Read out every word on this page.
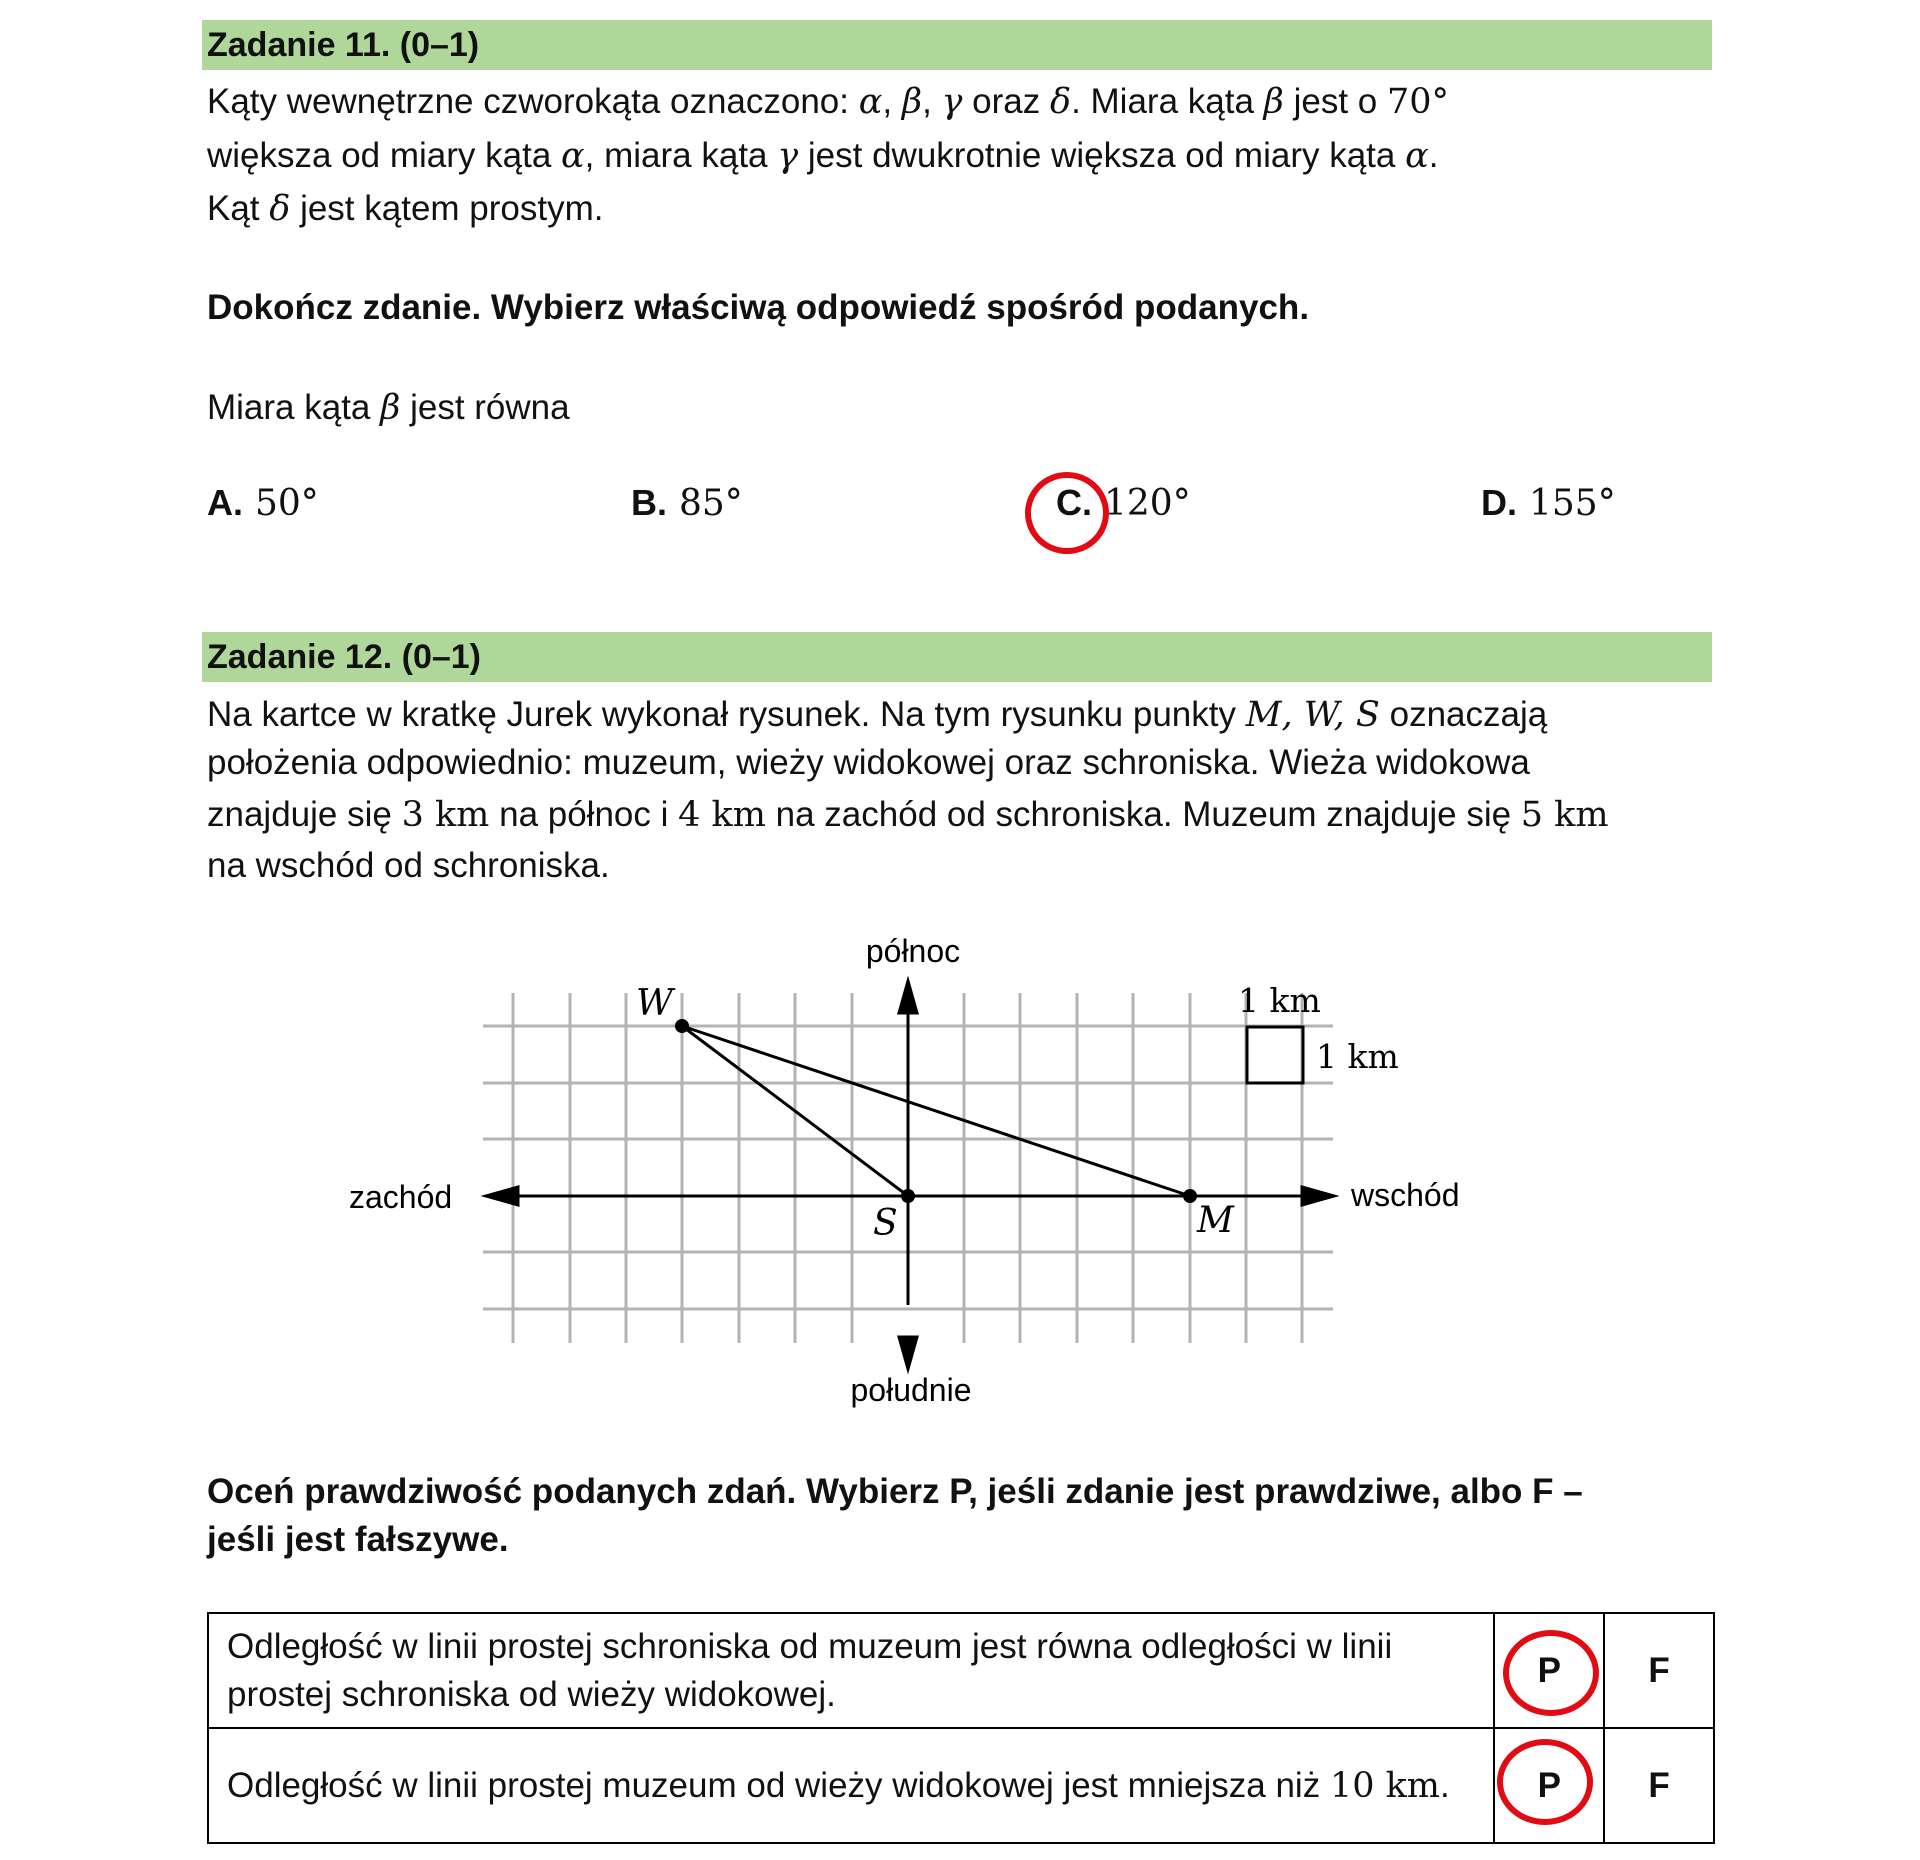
Zadanie 11. (0–1)
Kąty wewnętrzne czworokąta oznaczono: α, β, γ oraz δ. Miara kąta β jest o 70°
większa od miary kąta α, miara kąta γ jest dwukrotnie większa od miary kąta α.
Kąt δ jest kątem prostym.
Dokończ zdanie. Wybierz właściwą odpowiedź spośród podanych.
Miara kąta β jest równa
A. 50°	B. 85°	C. 120°	D. 155°
Zadanie 12. (0–1)
Na kartce w kratkę Jurek wykonał rysunek. Na tym rysunku punkty M, W, S oznaczają
położenia odpowiednio: muzeum, wieży widokowej oraz schroniska. Wieża widokowa
znajduje się 3 km na północ i 4 km na zachód od schroniska. Muzeum znajduje się 5 km
na wschód od schroniska.
północ
południe
zachód	wschód
W
S	M
1 km
1 km
Oceń prawdziwość podanych zdań. Wybierz P, jeśli zdanie jest prawdziwe, albo F –
jeśli jest fałszywe.
Odległość w linii prostej schroniska od muzeum jest równa odległości w linii
prostej schroniska od wieży widokowej.	P	F
Odległość w linii prostej muzeum od wieży widokowej jest mniejsza niż 10 km.	P	F
